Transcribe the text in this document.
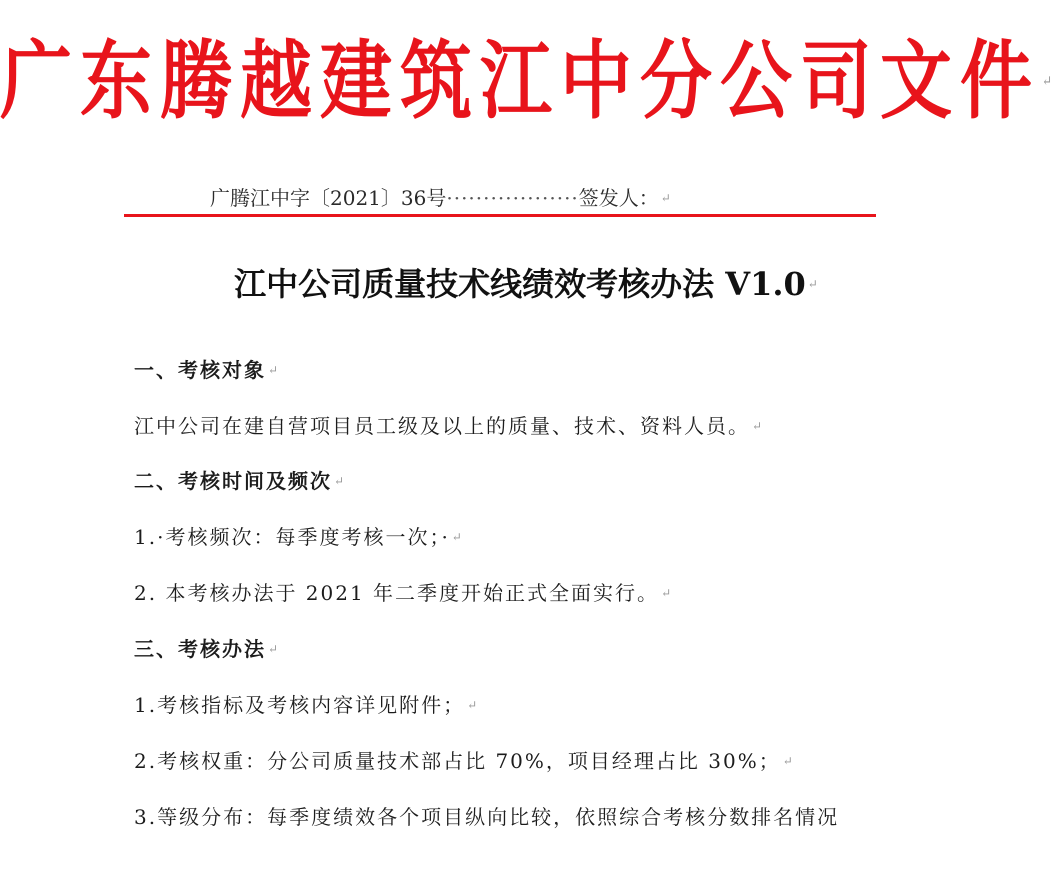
广东腾越建筑江中分公司文件 ↵
广腾江中字〔2021〕36号··················签发人： ↵
江中公司质量技术线绩效考核办法 V1.0 ↵
一、考核对象 ↵
江中公司在建自营项目员工级及以上的质量、技术、资料人员。 ↵
二、考核时间及频次 ↵
1.·考核频次：每季度考核一次；· ↵
2. 本考核办法于 2021 年二季度开始正式全面实行。 ↵
三、考核办法 ↵
1.考核指标及考核内容详见附件； ↵
2.考核权重：分公司质量技术部占比 70%，项目经理占比 30%； ↵
3.等级分布：每季度绩效各个项目纵向比较，依照综合考核分数排名情况
